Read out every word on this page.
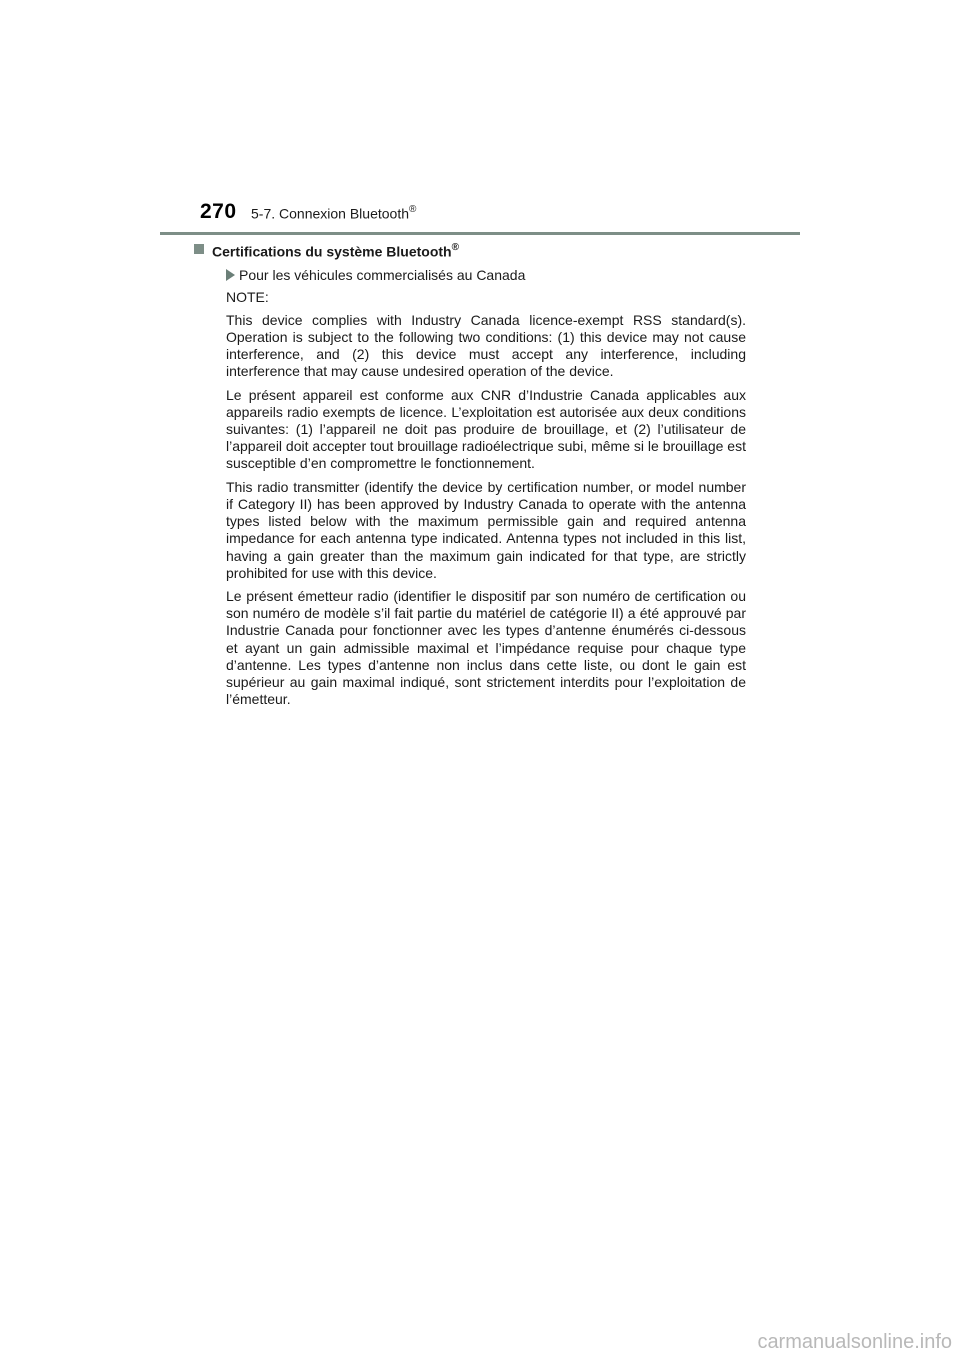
270 5-7. Connexion Bluetooth®
Certifications du système Bluetooth®
Pour les véhicules commercialisés au Canada

NOTE:

This device complies with Industry Canada licence-exempt RSS standard(s). Operation is subject to the following two conditions: (1) this device may not cause interference, and (2) this device must accept any interference, including interference that may cause undesired operation of the device.

Le présent appareil est conforme aux CNR d’Industrie Canada applicables aux appareils radio exempts de licence. L’exploitation est autorisée aux deux conditions suivantes: (1) l’appareil ne doit pas produire de brouillage, et (2) l’utilisateur de l’appareil doit accepter tout brouillage radioélectrique subi, même si le brouillage est susceptible d’en compromettre le fonctionnement.

This radio transmitter (identify the device by certification number, or model number if Category II) has been approved by Industry Canada to operate with the antenna types listed below with the maximum permissible gain and required antenna impedance for each antenna type indicated. Antenna types not included in this list, having a gain greater than the maximum gain indicated for that type, are strictly prohibited for use with this device.

Le présent émetteur radio (identifier le dispositif par son numéro de certification ou son numéro de modèle s’il fait partie du matériel de catégorie II) a été approuvé par Industrie Canada pour fonctionner avec les types d’antenne énumérés ci-dessous et ayant un gain admissible maximal et l’impédance requise pour chaque type d’antenne. Les types d’antenne non inclus dans cette liste, ou dont le gain est supérieur au gain maximal indiqué, sont strictement interdits pour l’exploitation de l’émetteur.

carmanualsonline.info
